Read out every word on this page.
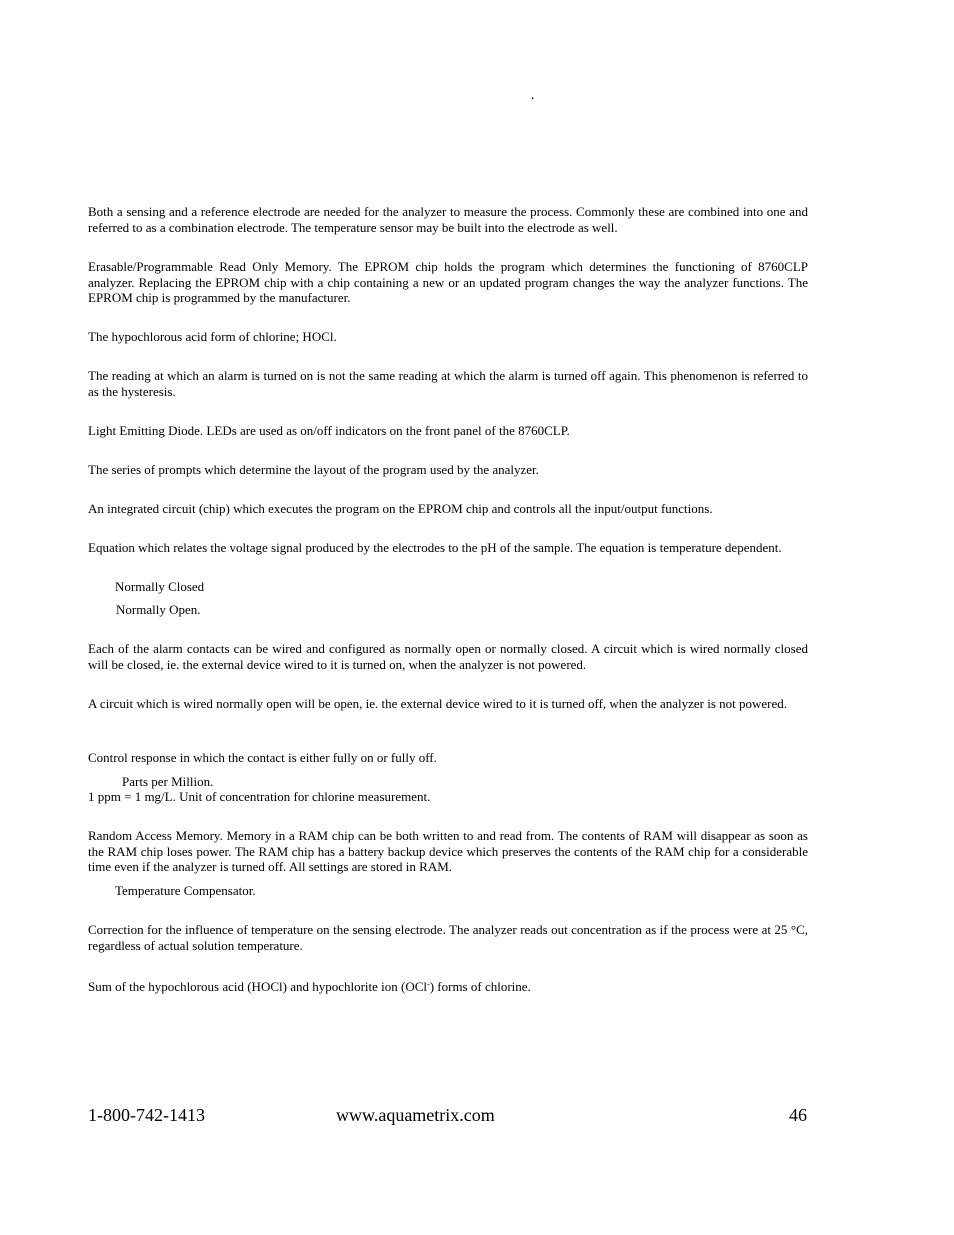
.
Both a sensing and a reference electrode are needed for the analyzer to measure the process. Commonly these are combined into one and referred to as a combination electrode. The temperature sensor may be built into the electrode as well.
Erasable/Programmable Read Only Memory. The EPROM chip holds the program which determines the functioning of 8760CLP analyzer. Replacing the EPROM chip with a chip containing a new or an updated program changes the way the analyzer functions. The EPROM chip is programmed by the manufacturer.
The hypochlorous acid form of chlorine; HOCl.
The reading at which an alarm is turned on is not the same reading at which the alarm is turned off again. This phenomenon is referred to as the hysteresis.
Light Emitting Diode. LEDs are used as on/off indicators on the front panel of the 8760CLP.
The series of prompts which determine the layout of the program used by the analyzer.
An integrated circuit (chip) which executes the program on the EPROM chip and controls all the input/output functions.
Equation which relates the voltage signal produced by the electrodes to the pH of the sample. The equation is temperature dependent.
Normally Closed
Normally Open.
Each of the alarm contacts can be wired and configured as normally open or normally closed. A circuit which is wired normally closed will be closed, ie. the external device wired to it is turned on, when the analyzer is not powered.
A circuit which is wired normally open will be open, ie. the external device wired to it is turned off, when the analyzer is not powered.
Control response in which the contact is either fully on or fully off.
Parts per Million.
1 ppm = 1 mg/L. Unit of concentration for chlorine measurement.
Random Access Memory. Memory in a RAM chip can be both written to and read from. The contents of RAM will disappear as soon as the RAM chip loses power. The RAM chip has a battery backup device which preserves the contents of the RAM chip for a considerable time even if the analyzer is turned off. All settings are stored in RAM.
Temperature Compensator.
Correction for the influence of temperature on the sensing electrode. The analyzer reads out concentration as if the process were at 25 °C, regardless of actual solution temperature.
Sum of the hypochlorous acid (HOCl) and hypochlorite ion (OCl-) forms of chlorine.
1-800-742-1413	www.aquametrix.com	46
